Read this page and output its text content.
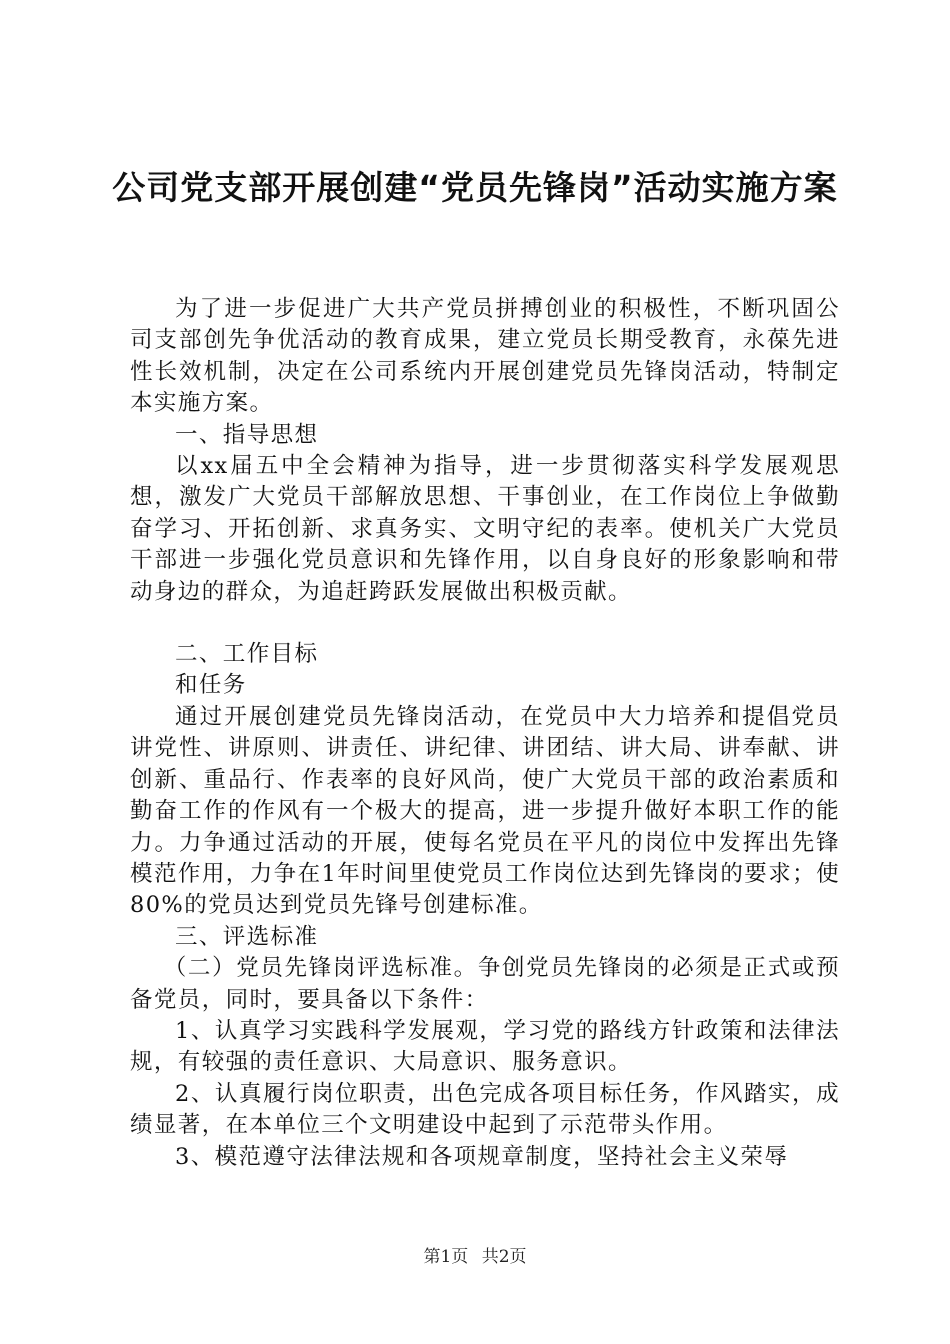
公司党支部开展创建“党员先锋岗”活动实施方案

为了进一步促进广大共产党员拼搏创业的积极性，不断巩固公司支部创先争优活动的教育成果，建立党员长期受教育，永葆先进性长效机制，决定在公司系统内开展创建党员先锋岗活动，特制定本实施方案。

一、指导思想

以xx届五中全会精神为指导，进一步贯彻落实科学发展观思想，激发广大党员干部解放思想、干事创业，在工作岗位上争做勤奋学习、开拓创新、求真务实、文明守纪的表率。使机关广大党员干部进一步强化党员意识和先锋作用，以自身良好的形象影响和带动身边的群众，为追赶跨跃发展做出积极贡献。

二、工作目标

和任务

通过开展创建党员先锋岗活动，在党员中大力培养和提倡党员讲党性、讲原则、讲责任、讲纪律、讲团结、讲大局、讲奉献、讲创新、重品行、作表率的良好风尚，使广大党员干部的政治素质和勤奋工作的作风有一个极大的提高，进一步提升做好本职工作的能力。力争通过活动的开展，使每名党员在平凡的岗位中发挥出先锋模范作用，力争在1年时间里使党员工作岗位达到先锋岗的要求；使80%的党员达到党员先锋号创建标准。

三、评选标准

（二）党员先锋岗评选标准。争创党员先锋岗的必须是正式或预备党员，同时，要具备以下条件：

1、认真学习实践科学发展观，学习党的路线方针政策和法律法规，有较强的责任意识、大局意识、服务意识。

2、认真履行岗位职责，出色完成各项目标任务，作风踏实，成绩显著，在本单位三个文明建设中起到了示范带头作用。

3、模范遵守法律法规和各项规章制度，坚持社会主义荣辱

第1页 共2页
